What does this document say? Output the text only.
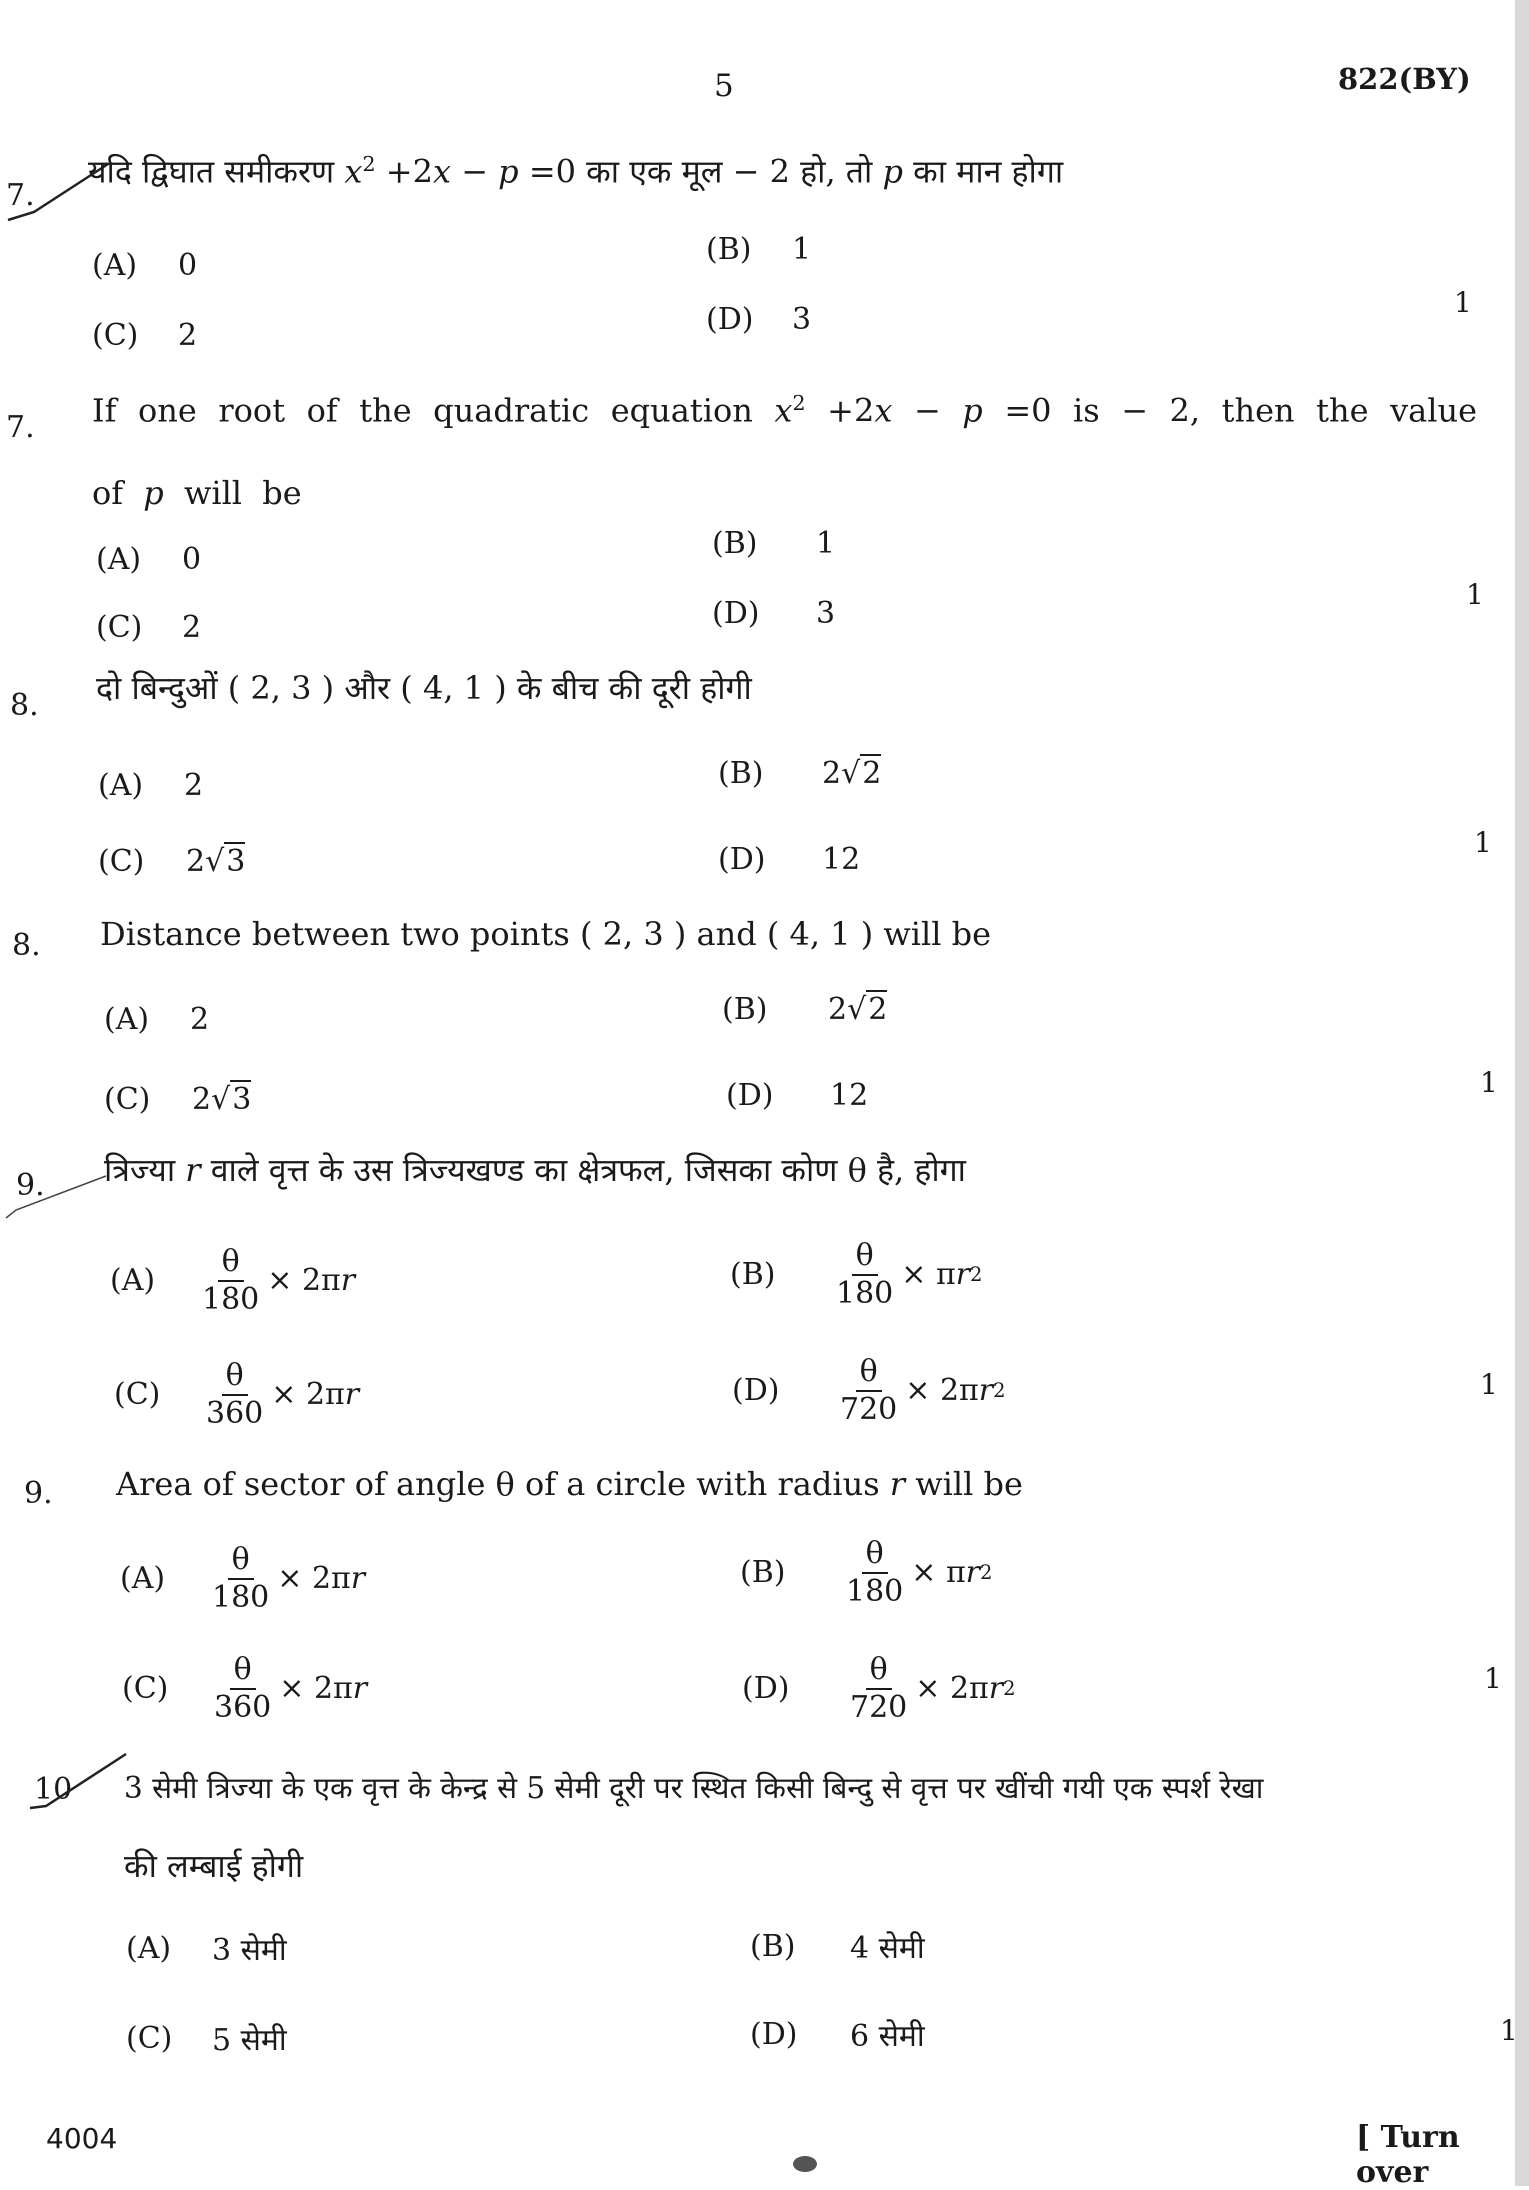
5	822(BY)
7.
यदि द्विघात समीकरण $x^2 +2x - p =0$ का एक मूल − 2 हो, तो p का मान होगा
(A)	0	(B)	1
(C)	2	(D)	3	1
7. If one root of the quadratic equation $x^2 +2x - p =0$ is − 2, then the value of p will be
(A)	0	(B)	1
(C)	2	(D)	3
1
8. दो बिन्दुओं ( 2, 3 ) और ( 4, 1 ) के बीच की दूरी होगी
(A)	2	(B)	2√2
(C)	2√3	(D)	12	1
8. Distance between two points ( 2, 3 ) and ( 4, 1 ) will be
(A)	2	(B)	2√2
(C)	2√3	(D)	12	1
9. त्रिज्या r वाले वृत्त के उस त्रिज्यखण्ड का क्षेत्रफल, जिसका कोण θ है, होगा
(A)	$\frac{\theta}{180} \times 2\pi$ r	(B)	$\frac{\theta}{180} \times \pi$ r 2
(C)	$\frac{\theta}{360} \times 2\pi$ r	(D)	$\frac{\theta}{720} \times 2\pi$ r 2	1
9. Area of sector of angle θ of a circle with radius r will be
(A)	$\frac{\theta}{180} \times 2\pi$ r	(B)	$\frac{\theta}{180} \times \pi$ r 2
(C)	$\frac{\theta}{360} \times 2\pi$ r	(D)	$\frac{\theta}{720} \times 2\pi$ r 2	1
10 3 सेमी त्रिज्या के एक वृत्त के केन्द्र से 5 सेमी दूरी पर स्थित किसी बिन्दु से वृत्त पर खींची गयी एक स्पर्श रेखा
की लम्बाई होगी
(A)	3 सेमी	(B)	4 सेमी
(C)	5 सेमी	(D)	6 सेमी	1
4004	[ Turn over
